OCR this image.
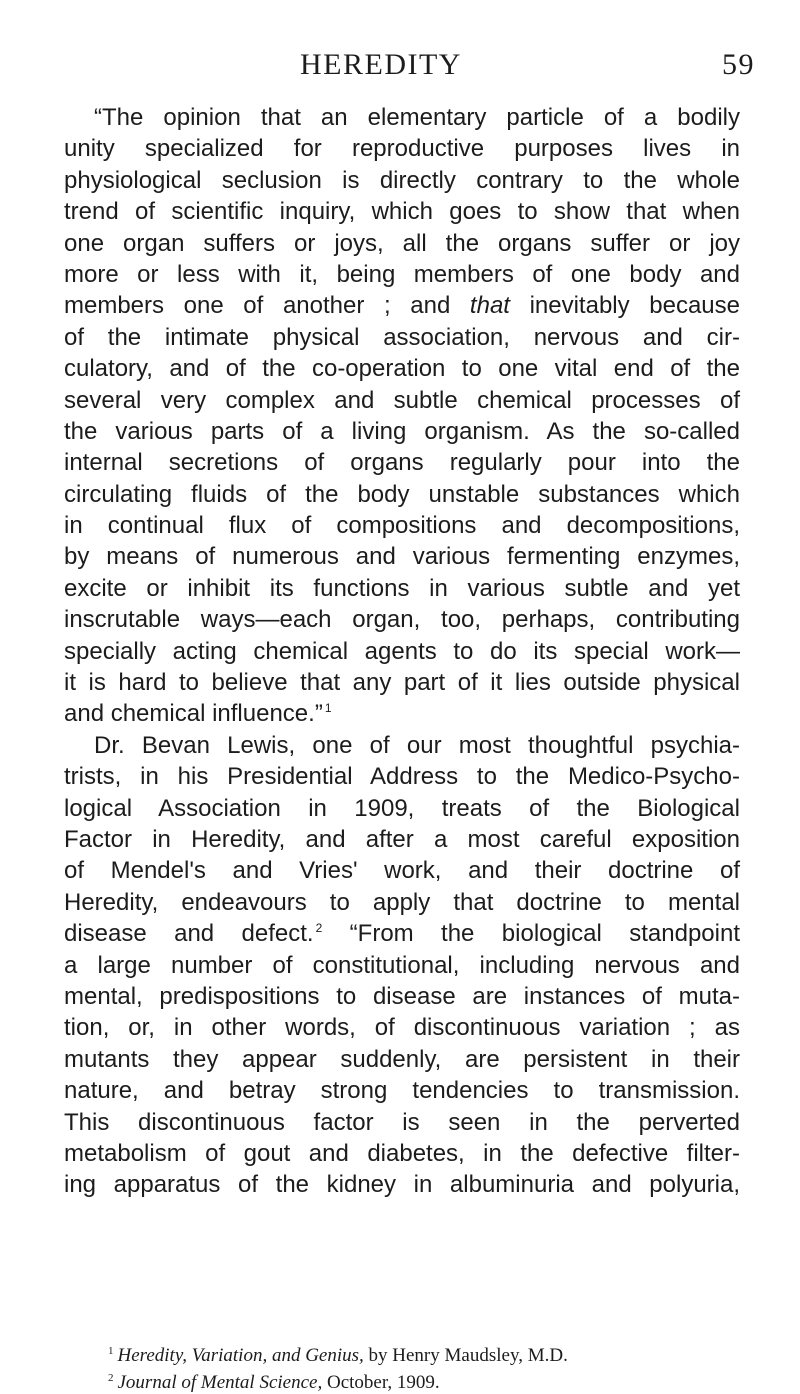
HEREDITY	59
“The opinion that an elementary particle of a bodily
unity specialized for reproductive purposes lives in
physiological seclusion is directly contrary to the whole
trend of scientific inquiry, which goes to show that when
one organ suffers or joys, all the organs suffer or joy
more or less with it, being members of one body and
members one of another ; and that inevitably because
of the intimate physical association, nervous and cir-
culatory, and of the co-operation to one vital end of the
several very complex and subtle chemical processes of
the various parts of a living organism. As the so-called
internal secretions of organs regularly pour into the
circulating fluids of the body unstable substances which
in continual flux of compositions and decompositions,
by means of numerous and various fermenting enzymes,
excite or inhibit its functions in various subtle and yet
inscrutable ways—each organ, too, perhaps, contributing
specially acting chemical agents to do its special work—
it is hard to believe that any part of it lies outside physical
and chemical influence.” $^1$
Dr. Bevan Lewis, one of our most thoughtful psychia-
trists, in his Presidential Address to the Medico-Psycho-
logical Association in 1909, treats of the Biological
Factor in Heredity, and after a most careful exposition
of Mendel's and Vries' work, and their doctrine of
Heredity, endeavours to apply that doctrine to mental
disease and defect. $^2$ “From the biological standpoint
a large number of constitutional, including nervous and
mental, predispositions to disease are instances of muta-
tion, or, in other words, of discontinuous variation ; as
mutants they appear suddenly, are persistent in their
nature, and betray strong tendencies to transmission.
This discontinuous factor is seen in the perverted
metabolism of gout and diabetes, in the defective filter-
ing apparatus of the kidney in albuminuria and polyuria,
$^1$ Heredity, Variation, and Genius, by Henry Maudsley, M.D.
$^2$ Journal of Mental Science, October, 1909.
